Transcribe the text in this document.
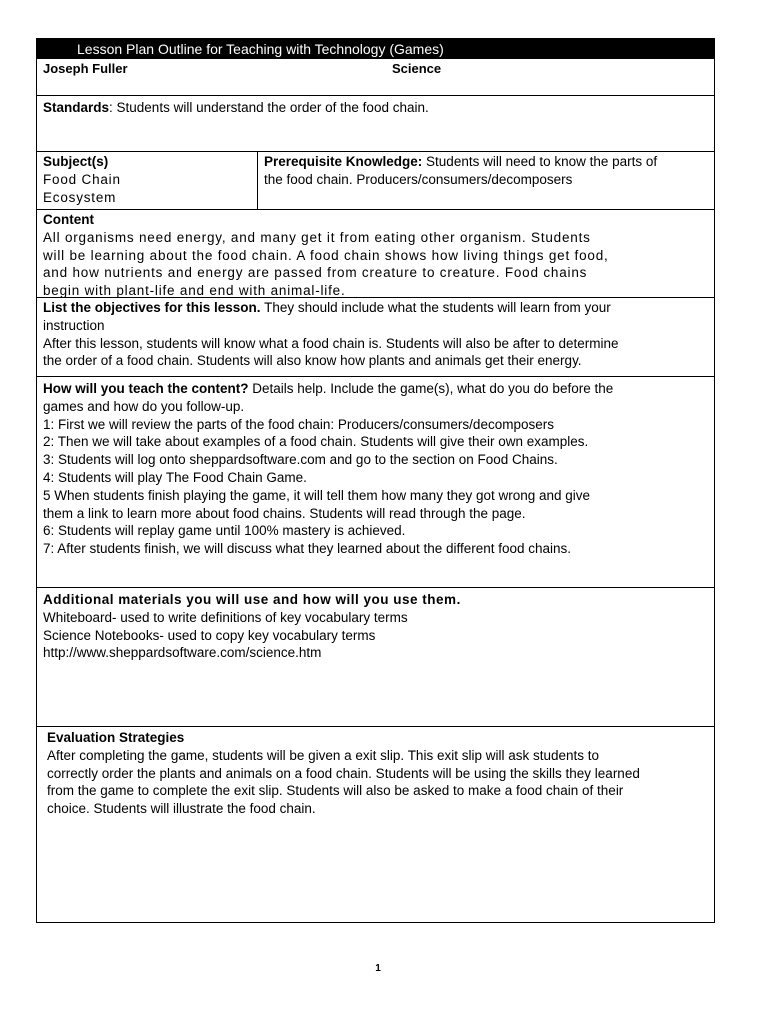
Lesson Plan Outline for Teaching with Technology (Games)
Joseph Fuller	Science
Standards: Students will understand the order of the food chain.
Subject(s)
Food Chain
Ecosystem
Prerequisite Knowledge: Students will need to know the parts of
the food chain. Producers/consumers/decomposers
Content
All organisms need energy, and many get it from eating other organism. Students
will be learning about the food chain. A food chain shows how living things get food,
and how nutrients and energy are passed from creature to creature. Food chains
begin with plant-life and end with animal-life.
List the objectives for this lesson. They should include what the students will learn from your
instruction
After this lesson, students will know what a food chain is. Students will also be after to determine
the order of a food chain. Students will also know how plants and animals get their energy.
How will you teach the content? Details help. Include the game(s), what do you do before the
games and how do you follow-up.
1: First we will review the parts of the food chain: Producers/consumers/decomposers
2: Then we will take about examples of a food chain. Students will give their own examples.
3: Students will log onto sheppardsoftware.com and go to the section on Food Chains.
4: Students will play The Food Chain Game.
5 When students finish playing the game, it will tell them how many they got wrong and give
them a link to learn more about food chains. Students will read through the page.
6: Students will replay game until 100% mastery is achieved.
7: After students finish, we will discuss what they learned about the different food chains.
Additional materials you will use and how will you use them.
Whiteboard- used to write definitions of key vocabulary terms
Science Notebooks- used to copy key vocabulary terms
http://www.sheppardsoftware.com/science.htm
Evaluation Strategies
After completing the game, students will be given a exit slip. This exit slip will ask students to
correctly order the plants and animals on a food chain. Students will be using the skills they learned
from the game to complete the exit slip. Students will also be asked to make a food chain of their
choice. Students will illustrate the food chain.
1
